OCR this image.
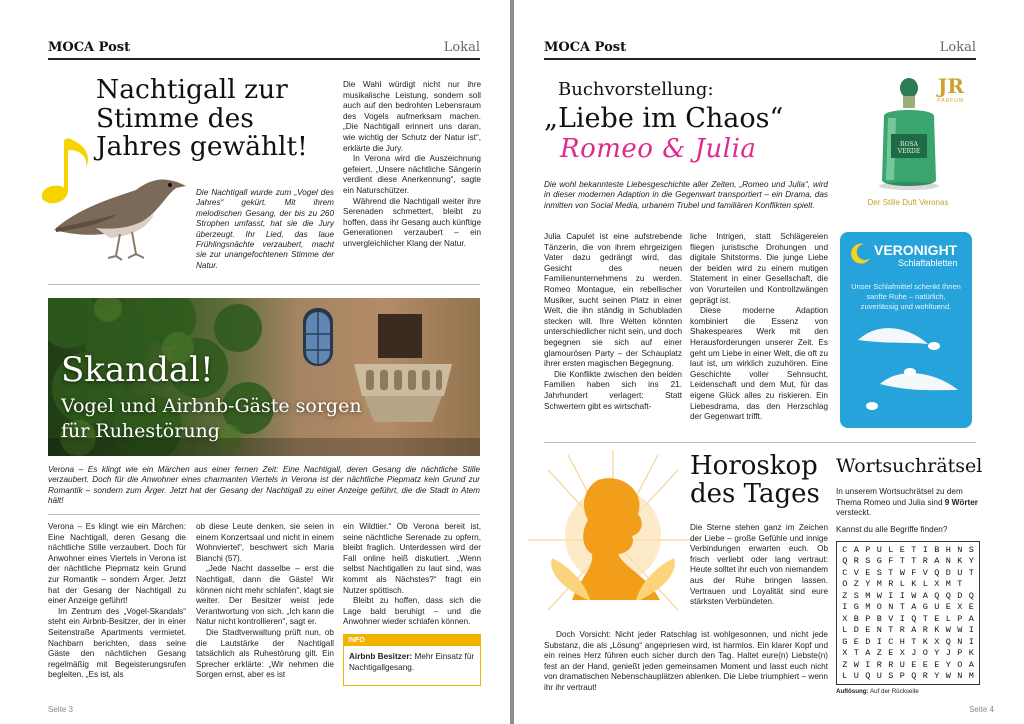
MOCA Post	Lokal
Nachtigall zur Stimme des Jahres gewählt!
Die Nachtigall wurde zum „Vogel des Jahres“ gekürt. Mit ihrem melodischen Gesang, der bis zu 260 Strophen umfasst, hat sie die Jury überzeugt. Ihr Lied, das laue Frühlingsnächte verzaubert, macht sie zur unangefochtenen Stimme der Natur.

Die Wahl würdigt nicht nur ihre musikalische Leistung, sondern soll auch auf den bedrohten Lebensraum des Vogels aufmerksam machen. „Die Nachtigall erinnert uns daran, wie wichtig der Schutz der Natur ist“, erklärte die Jury.

In Verona wird die Auszeichnung gefeiert. „Unsere nächtliche Sängerin verdient diese Anerkennung“, sagte ein Naturschützer.

Während die Nachtigall weiter ihre Serenaden schmettert, bleibt zu hoffen, dass ihr Gesang auch künftige Generationen verzaubert – ein unvergleichlicher Klang der Natur.

Skandal!
Vogel und Airbnb-Gäste sorgen für Ruhestörung
Verona – Es klingt wie ein Märchen aus einer fernen Zeit: Eine Nachtigall, deren Gesang die nächtliche Stille verzaubert. Doch für die Anwohner eines charmanten Viertels in Verona ist der nächtliche Piepmatz kein Grund zur Romantik – sondern zum Ärger. Jetzt hat der Gesang der Nachtigall zu einer Anzeige geführt, die die Stadt in Atem hält!

Verona – Es klingt wie ein Märchen: Eine Nachtigall, deren Gesang die nächtliche Stille verzaubert. Doch für Anwohner eines Viertels in Verona ist der nächtliche Piepmatz kein Grund zur Romantik – sondern Ärger. Jetzt hat der Gesang der Nachtigall zu einer Anzeige geführt!

Im Zentrum des „Vogel-Skandals“ steht ein Airbnb-Besitzer, der in einer Seitenstraße Apartments vermietet. Nachbarn berichten, dass seine Gäste den nächtlichen Gesang regelmäßig mit Begeisterungsrufen begleiten. „Es ist, als

ob diese Leute denken, sie seien in einem Konzertsaal und nicht in einem Wohnviertel“, beschwert sich Maria Bianchi (57).

„Jede Nacht dasselbe – erst die Nachtigall, dann die Gäste! Wir können nicht mehr schlafen“, klagt sie weiter. Der Besitzer weist jede Verantwortung von sich. „Ich kann die Natur nicht kontrollieren“, sagt er.

Die Stadtverwaltung prüft nun, ob die Lautstärke der Nachtigall tatsächlich als Ruhestörung gilt. Ein Sprecher erklärte: „Wir nehmen die Sorgen ernst, aber es ist

ein Wildtier.“ Ob Verona bereit ist, seine nächtliche Serenade zu opfern, bleibt fraglich. Unterdessen wird der Fall online heiß diskutiert. „Wenn selbst Nachtigallen zu laut sind, was kommt als Nächstes?“ fragt ein Nutzer spöttisch.

Bleibt zu hoffen, dass sich die Lage bald beruhigt – und die Anwohner wieder schlafen können.

INFO
Airbnb Besitzer: Mehr Einsatz für Nachtigallgesang.
Seite 3
MOCA Post	Lokal
Buchvorstellung:
„Liebe im Chaos“
Romeo & Julia
Die wohl bekannteste Liebesgeschichte aller Zeiten, „Romeo und Julia“, wird in dieser modernen Adaption in die Gegenwart transportiert – ein Drama, das inmitten von Social Media, urbanem Trubel und familiären Konflikten spielt.

Julia Capulet ist eine aufstrebende Tänzerin, die von ihrem ehrgeizigen Vater dazu gedrängt wird, das Gesicht des neuen Familienunternehmens zu werden. Romeo Montague, ein rebellischer Musiker, sucht seinen Platz in einer Welt, die ihn ständig in Schubladen stecken will. Ihre Welten könnten unterschiedlicher nicht sein, und doch begegnen sie sich auf einer glamourösen Party – der Schauplatz ihrer ersten magischen Begegnung.

Die Konflikte zwischen den beiden Familien haben sich ins 21. Jahrhundert verlagert: Statt Schwertern gibt es wirtschaft-

liche Intrigen, statt Schlägereien fliegen juristische Drohungen und digitale Shitstorms. Die junge Liebe der beiden wird zu einem mutigen Statement in einer Gesellschaft, die von Vorurteilen und Kontrollzwängen geprägt ist.

Diese moderne Adaption kombiniert die Essenz von Shakespeares Werk mit den Herausforderungen unserer Zeit. Es geht um Liebe in einer Welt, die oft zu laut ist, um wirklich zuzuhören. Eine Geschichte voller Sehnsucht, Leidenschaft und dem Mut, für das eigene Glück alles zu riskieren. Ein Liebesdrama, das den Herzschlag der Gegenwart trifft.

JR
PARFUM
ROSA
VERDE
Der Stille Duft Veronas
VERONIGHT
Schlaftabletten
Unser Schlafmittel schenkt Ihnen sanfte Ruhe – natürlich, zuverlässig und wohltuend.
Horoskop des Tages
Die Sterne stehen ganz im Zeichen der Liebe – große Gefühle und innige Verbindungen erwarten euch. Ob frisch verliebt oder lang vertraut: Heute solltet ihr euch von niemandem aus der Ruhe bringen lassen. Vertrauen und Loyalität sind eure stärksten Verbündeten.
Doch Vorsicht: Nicht jeder Ratschlag ist wohlgesonnen, und nicht jede Substanz, die als „Lösung“ angepriesen wird, ist harmlos. Ein klarer Kopf und ein reines Herz führen euch sicher durch den Tag. Haltet eure(n) Liebste(n) fest an der Hand, genießt jeden gemeinsamen Moment und lasst euch nicht von dramatischen Nebenschauplätzen ablenken. Die Liebe triumphiert – wenn ihr ihr vertraut!
Wortsuchrätsel
In unserem Wortsuchrätsel zu dem Thema Romeo und Julia sind 9 Wörter versteckt.
Kannst du alle Begriffe finden?
C A P U L E T I B H N S
Q R S G F T T R A N K Y
C V E S T W F V Q D U T
O Z Y M R L K L X M T
Z S M W I I W A Q Q D Q
I G M O N T A G U E X E
X B P B V I Q T E L P A
L D E N T R A R K W W I
G E D I C H T K X Q N I
X T A Z E X J O Y J P K
Z W I R R U E E E Y O A
L U Q U S P Q R Y W N M
Auflösung: Auf der Rückseite
Seite 4
